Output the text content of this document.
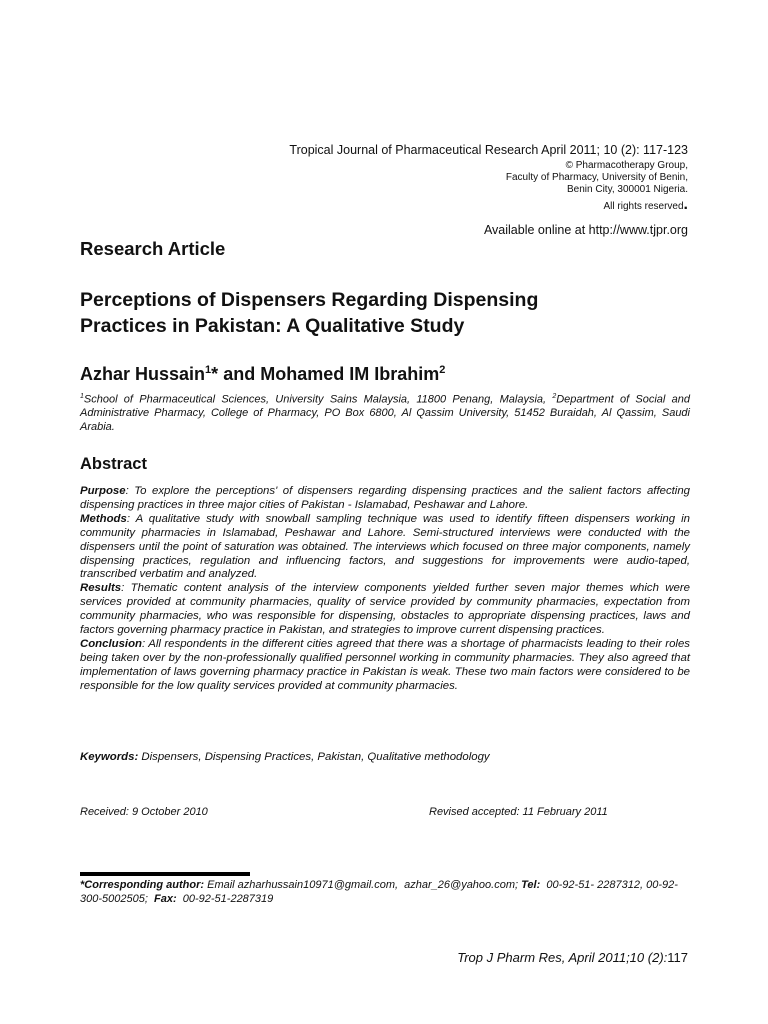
Tropical Journal of Pharmaceutical Research April 2011; 10 (2): 117-123
© Pharmacotherapy Group,
Faculty of Pharmacy, University of Benin,
Benin City, 300001 Nigeria.
All rights reserved.
Available online at http://www.tjpr.org
Research Article
Perceptions of Dispensers Regarding Dispensing
Practices in Pakistan: A Qualitative Study
Azhar Hussain$^1$* and Mohamed IM Ibrahim$^2$
$^1$School of Pharmaceutical Sciences, University Sains Malaysia, 11800 Penang, Malaysia, $^2$Department of Social and Administrative Pharmacy, College of Pharmacy, PO Box 6800, Al Qassim University, 51452 Buraidah, Al Qassim, Saudi Arabia.
Abstract

Purpose: To explore the perceptions' of dispensers regarding dispensing practices and the salient factors affecting dispensing practices in three major cities of Pakistan - Islamabad, Peshawar and Lahore.

Methods: A qualitative study with snowball sampling technique was used to identify fifteen dispensers working in community pharmacies in Islamabad, Peshawar and Lahore. Semi-structured interviews were conducted with the dispensers until the point of saturation was obtained. The interviews which focused on three major components, namely dispensing practices, regulation and influencing factors, and suggestions for improvements were audio-taped, transcribed verbatim and analyzed.

Results: Thematic content analysis of the interview components yielded further seven major themes which were services provided at community pharmacies, quality of service provided by community pharmacies, expectation from community pharmacies, who was responsible for dispensing, obstacles to appropriate dispensing practices, laws and factors governing pharmacy practice in Pakistan, and strategies to improve current dispensing practices.

Conclusion: All respondents in the different cities agreed that there was a shortage of pharmacists leading to their roles being taken over by the non-professionally qualified personnel working in community pharmacies. They also agreed that implementation of laws governing pharmacy practice in Pakistan is weak. These two main factors were considered to be responsible for the low quality services provided at community pharmacies.

Keywords: Dispensers, Dispensing Practices, Pakistan, Qualitative methodology
Received: 9 October 2010	Revised accepted: 11 February 2011
*Corresponding author: Email azharhussain10971@gmail.com,  azhar_26@yahoo.com; Tel:  00-92-51- 2287312, 00-92-300-5002505;  Fax:  00-92-51-2287319
Trop J Pharm Res, April 2011;10 (2):117
